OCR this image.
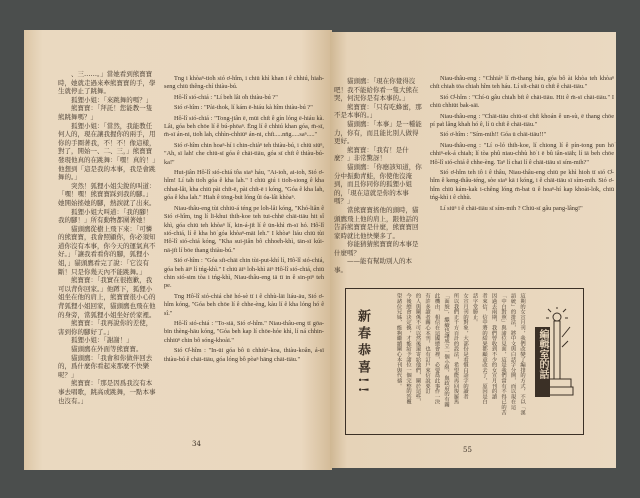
、三……。」當她看到熊寶寶時，她就走過來牽熊寶寶的手，學生就停止了跳舞。

狐狸小姐：「來跳舞的嗎？」

熊寶寶：「拜託！您能教一隻熊跳舞嗎？」

狐狸小姐：「當然，我能教任何人的，現在讓我握你的兩手，用你的手圈著我，不！不！像這樣，對了，開始一、二、三，」熊寶寶發現他真的在跳舞：「嘿！真的！」他想到「這是我的本事，我是會跳舞的。」

突然！狐狸小姐尖銳的叫道：「嘿！嘿！熊寶寶踩到我的腳。」她開始搖她的腳，熱淚就了出來。

狐狸小姐大叫道：「我的腳！我的腳！」所有動物都圍著她！

貓頭鷹從樹上飛下來：「可憐的熊寶寶，我會照顧你，你必須知道你沒有本事，你今天的運氣真不好。」「讓我看看你的腳，狐狸小姐，」貓頭鷹看完了說：「它沒有斷！只是你幾天內不能跳舞。」

熊寶寶：「我實在很抱歉，我可以背你回家。」他蹲下，狐狸小姐坐在他的肩上，熊寶寶很小心的背狐狸小姐回家，貓頭鷹也飛在他的身旁，當狐狸小姐坐好於家裡。

熊寶寶：「我再說你的差使，害到你的腳好了。」

狐狸小姐：「謝謝！」

貓頭鷹在外面等熊寶寶。

貓頭鷹：「我會和你做伴回去的，爲什麼你看起來那麼不快樂呢？」

熊寶寶：「那是因爲我沒有本事去唱歌，跳高或跳舞，一點本事也沒有。」

Tng i khòaⁿ-tio̍h sió ơ-hîm, i chiū khì khan i ê chhiú, hiah-seng chiū thêng-chí thiàu-bú.

Hô͘-lî sió-chiá : "Lí beh lâi o̍h thiàu-bú ?"

Sió ơ-hîm : "Pài-thok, lí kám ē-hiáu kà hîm thiàu-bú ?"

Hô͘-lî sió-chiá : "Tong-jiân ē, mūi chi̍t ê gín lóng ē-hiáu kà. Lâi, góa beh chōe lí ê bú-phōaⁿ. Ēng lí ê chhiú khan góa, m̄-sī, m̄-sī án-ni, tio̍h lah, chhìn-chhiūⁿ án-ni, chi̍t.....nn̄g.....saⁿ....."

Sió ơ-hîm chin hoaⁿ-hí i chin-chiàⁿ teh thiàu-bú, i chiū siūⁿ, "Ah, sī lah! che chiū-sī góa ê chāi-tiāu, góa sī chi̍t ê thiàu-bú-ka!"

Hut-jiân Hô͘-lî sió-chiá tôa siaⁿ háu, "Ai-ioh, ai-ioh, Sió ơ-hîm! Lí ta̍h tio̍h góa ê kha lah." I chiū giú i tio̍h-siong ê kha chhat-lâi, kha chiū pài chi̍t-ē, pài chi̍t-ē i kóng, "Góa ê kha lah, góa ê kha lah." Hiah ê tōng-bu̍t lóng ûi óa-lâi khòaⁿ.

Niau-thâu-eng tùi chhiū-á téng pe lo̍h-lâi kóng, "Khó-liân ê Sió ơ-hîm, tng lí lī-khui thih-koe teh tui-chhē chāi-tiāu hit sî khì, góa chiū teh khòaⁿ lí, kin-á-ji̍t lí ê ūn-khì m̄-sī hó. Hô͘-lî sió-chiá, lí ê kha hō͘ góa khòaⁿ-māi leh." I khòaⁿ liáu chiū tùi Hô͘-lî sió-chiá kóng, "Kha sui-jiân bô chhoe̍h-khì, tān-sī kúi-nā-ji̍t lí bōe thang thiàu-bú."

Sió ơ-hîm : "Góa si̍t-chāi chin tùi-put-khí lí, Hô͘-lî sió-chiá, góa beh āiⁿ lí tńg-khì." I chiū āiⁿ lo̍h-khì āiⁿ Hô͘-lî sió-chiá, chiū chin sió-sim tòa i tńg-khì, Niau-thâu-eng iā tī in ê sin-piⁿ teh pe.

Tng Hô͘-lî sió-chiá chē hó-sè tī i ê chhù-lāi liáu-āu, Sió ơ-hîm kóng, "Góa beh chōe lí ê chhe-èng, kàu lí ê kha lóng hó ê sî."

Hô͘-lî sió-chiá : "To-siā, Sió ơ-hîm." Niau-thâu-eng tī gōa-bīn thèng-hāu kóng, "Góa beh kap lí chōe-hóe khì, lí ná chhin-chhiūⁿ chin bô sóng-khoài."

Sió Ơ-hîm : "In-ūi góa bô ū chhiùⁿ-koa, thiàu-koân, á-sī thiàu-bú ê chāi-tiāu, góa lóng bô pòaⁿ hāng chāi-tiāu."

34

貓頭鷹：「現在你覺得沒吧！我不能給你看一隻大熊在哭，何況你是有本事的。」

熊寶寶：「只有吃蜂蜜，那不是本事的。」

貓頭鷹：「本事」是一種能力，你有，而且能比別人做得更好。

熊寶寶：「我有！是什麼？」非常驚訝！

貓頭鷹：「你應該知道，你分中振動青蛙，你使他沒淹到，而且你同你的狐狸小姐的，「現在這就是你的本事嗎？」

當熊寶寶搖他的頭時，貓頭鷹飛上他的肩上，跟他話的告訴熊寶寶是什麼，熊寶寶回家時就比他快樂多了。

你能猜猜熊寶寶的本事是什麼嗎？

——能有幫助別人的本事。

Niau-thâu-eng : "Chhiáⁿ lí m̄-thang háu, góa bô ài khòa teh khòaⁿ chi̍t chiah tōa chiah hîm teh háu. Lí si̍t-chāi ū chi̍t ê chāi-tiāu."

Sió Ơ-hîm : "Chí-ū gâu chia̍h bi̍t ê chāi-tiāu. Hit ê m̄-sī chāi-tiāu." I chiū chhiūt bak-sāi.

Niau-thâu-eng : "Chāi-tiāu chiū-sī chi̍t khoán ê un-sù, ē thang chōe pí pa̍t lâng khah hó ê, lí ū chi̍t ê chāi-tiāu."

Sió ơ-hîm : "Sím-mih!! Góa ū chāi-tiāu!!"

Niau-thâu-eng : "Lí o-ló thih-koe, lí chiong lí ê pín-tong pun hō͘ chhiⁿ-ek-á chiah; lí tòa phû niau-chhù hō͘ i ē bû iân-siāh; lí iā beh chōe Hô͘-lî sió-chiá ê chhe-èng. Taⁿ lí chai lí ê chāi-tiāu sī sím-mih?"

Sió ơ-hîm teh iô i ê thâu, Niau-thâu-eng chiū pe khì hioh tī sió Ơ-hîm ê keng-thâu-téng, sòe siaⁿ kā i kóng, i ê chāi-tiāu sī sím-mih. Sió ơ-hîm chiū kám-kak i-chêng lóng m̄-bat ū ê hoaⁿ-hí kap khoài-lo̍k, chiū tńg-khì i ê chhù.

Lí siūⁿ i ê chāi-tiāu sī sím-mih ? Chiū-sī gâu pang-lâng!"

新春恭喜!!	這期的女宣月刊，我們改變了編排的方式，不以「漢
語統」的排法，將中文與白話字分開，而以現在這
「中白對照」與諸位見面，這是我們當有不得已的苦
因過去兩期，我們曾收到不少的女宣月刊的讀
者來信，信中將的結果都顧意改去了，原因是白
話字堂勝止。
女宣月刊的對象，大部份是看慣白話字的讀者
所以我們正千方百計的設法，希望能再回復羅馬
「面貌」，繼續也讓成立一個小組，與政府的有關
此機由，相信在這國總會裡，必要爲此事作一決
有許多讀者關心本刊，也有訂戶來信說要訂
的人與關係不可以然後還寄給他們，關於這些，
今後總會決定換，才能給予諸位一個完整的答覆
望諸位兄姊，能夠繼續關心本刊與代禱。	編輯室的話
55
